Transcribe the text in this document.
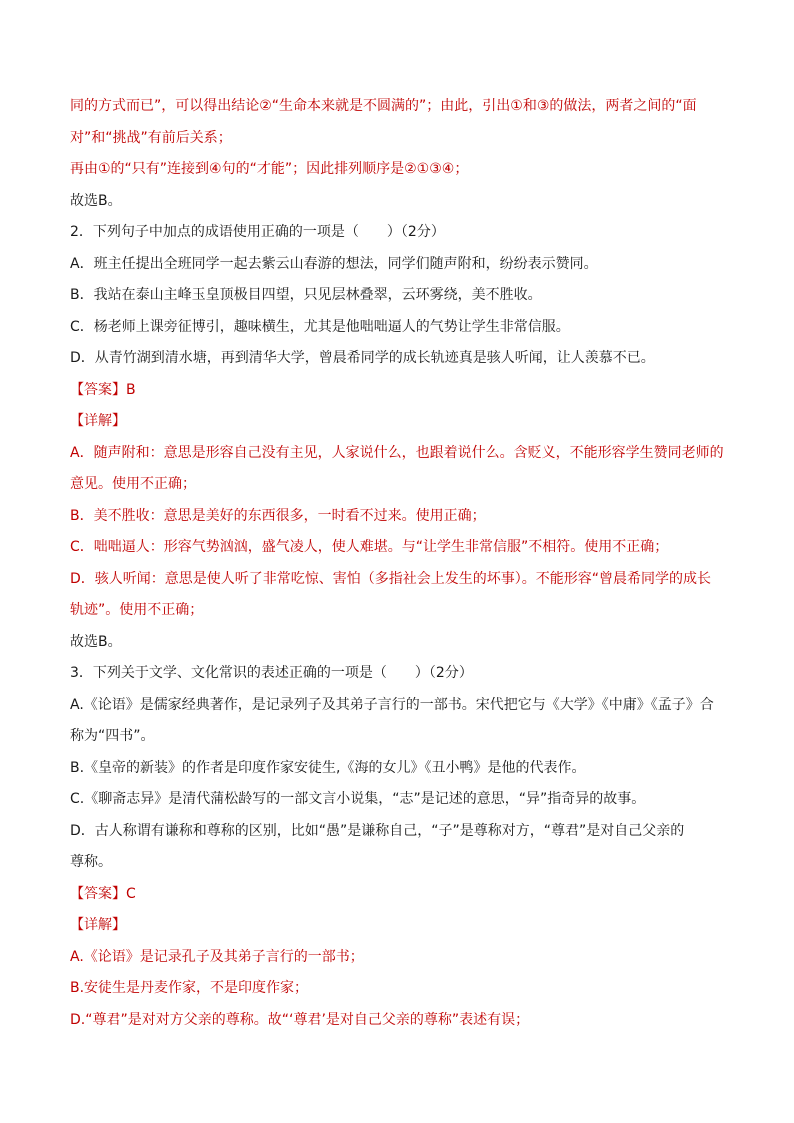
同的方式而已”，可以得出结论②“生命本来就是不圆满的”；由此，引出①和③的做法，两者之间的“面
对”和“挑战”有前后关系；
再由①的“只有”连接到④句的“才能”；因此排列顺序是②①③④；
故选B。
2．下列句子中加点的成语使用正确的一项是（　　）（2分）
A．班主任提出全班同学一起去紫云山春游的想法，同学们随声附和，纷纷表示赞同。
B．我站在泰山主峰玉皇顶极目四望，只见层林叠翠，云环雾绕，美不胜收。
C．杨老师上课旁征博引，趣味横生，尤其是他咄咄逼人的气势让学生非常信服。
D．从青竹湖到清水塘，再到清华大学，曾晨希同学的成长轨迹真是骇人听闻，让人羡慕不已。
【答案】B
【详解】
A．随声附和：意思是形容自己没有主见，人家说什么，也跟着说什么。含贬义，不能形容学生赞同老师的
意见。使用不正确；
B．美不胜收：意思是美好的东西很多，一时看不过来。使用正确；
C．咄咄逼人：形容气势汹汹，盛气凌人，使人难堪。与“让学生非常信服”不相符。使用不正确；
D．骇人听闻：意思是使人听了非常吃惊、害怕（多指社会上发生的坏事）。不能形容“曾晨希同学的成长
轨迹”。使用不正确；
故选B。
3．下列关于文学、文化常识的表述正确的一项是（　　）（2分）
A.《论语》是儒家经典著作，是记录列子及其弟子言行的一部书。宋代把它与《大学》《中庸》《孟子》合
称为“四书”。
B.《皇帝的新装》的作者是印度作家安徒生,《海的女儿》《丑小鸭》是他的代表作。
C.《聊斋志异》是清代蒲松龄写的一部文言小说集，“志”是记述的意思，“异”指奇异的故事。
D．古人称谓有谦称和尊称的区别，比如“愚”是谦称自己，“子”是尊称对方，“尊君”是对自己父亲的
尊称。
【答案】C
【详解】
A.《论语》是记录孔子及其弟子言行的一部书；
B.安徒生是丹麦作家，不是印度作家；
D.“尊君”是对对方父亲的尊称。故“‘尊君’是对自己父亲的尊称”表述有误；
